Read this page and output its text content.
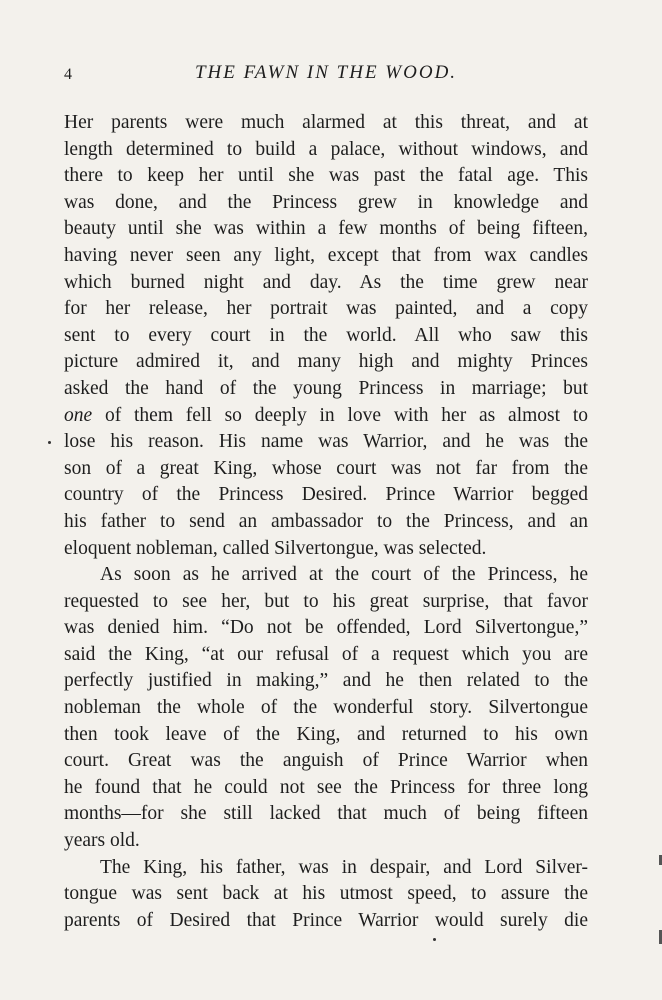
4	THE FAWN IN THE WOOD.
Her parents were much alarmed at this threat, and at
length determined to build a palace, without windows, and
there to keep her until she was past the fatal age. This
was done, and the Princess grew in knowledge and
beauty until she was within a few months of being fifteen,
having never seen any light, except that from wax candles
which burned night and day. As the time grew near
for her release, her portrait was painted, and a copy
sent to every court in the world. All who saw this
picture admired it, and many high and mighty Princes
asked the hand of the young Princess in marriage; but
one of them fell so deeply in love with her as almost to
lose his reason. His name was Warrior, and he was the
son of a great King, whose court was not far from the
country of the Princess Desired. Prince Warrior begged
his father to send an ambassador to the Princess, and an
eloquent nobleman, called Silvertongue, was selected.
As soon as he arrived at the court of the Princess, he
requested to see her, but to his great surprise, that favor
was denied him. “Do not be offended, Lord Silvertongue,”
said the King, “at our refusal of a request which you are
perfectly justified in making,” and he then related to the
nobleman the whole of the wonderful story. Silvertongue
then took leave of the King, and returned to his own
court. Great was the anguish of Prince Warrior when
he found that he could not see the Princess for three long
months—for she still lacked that much of being fifteen
years old.
The King, his father, was in despair, and Lord Silver-
tongue was sent back at his utmost speed, to assure the
parents of Desired that Prince Warrior would surely die
